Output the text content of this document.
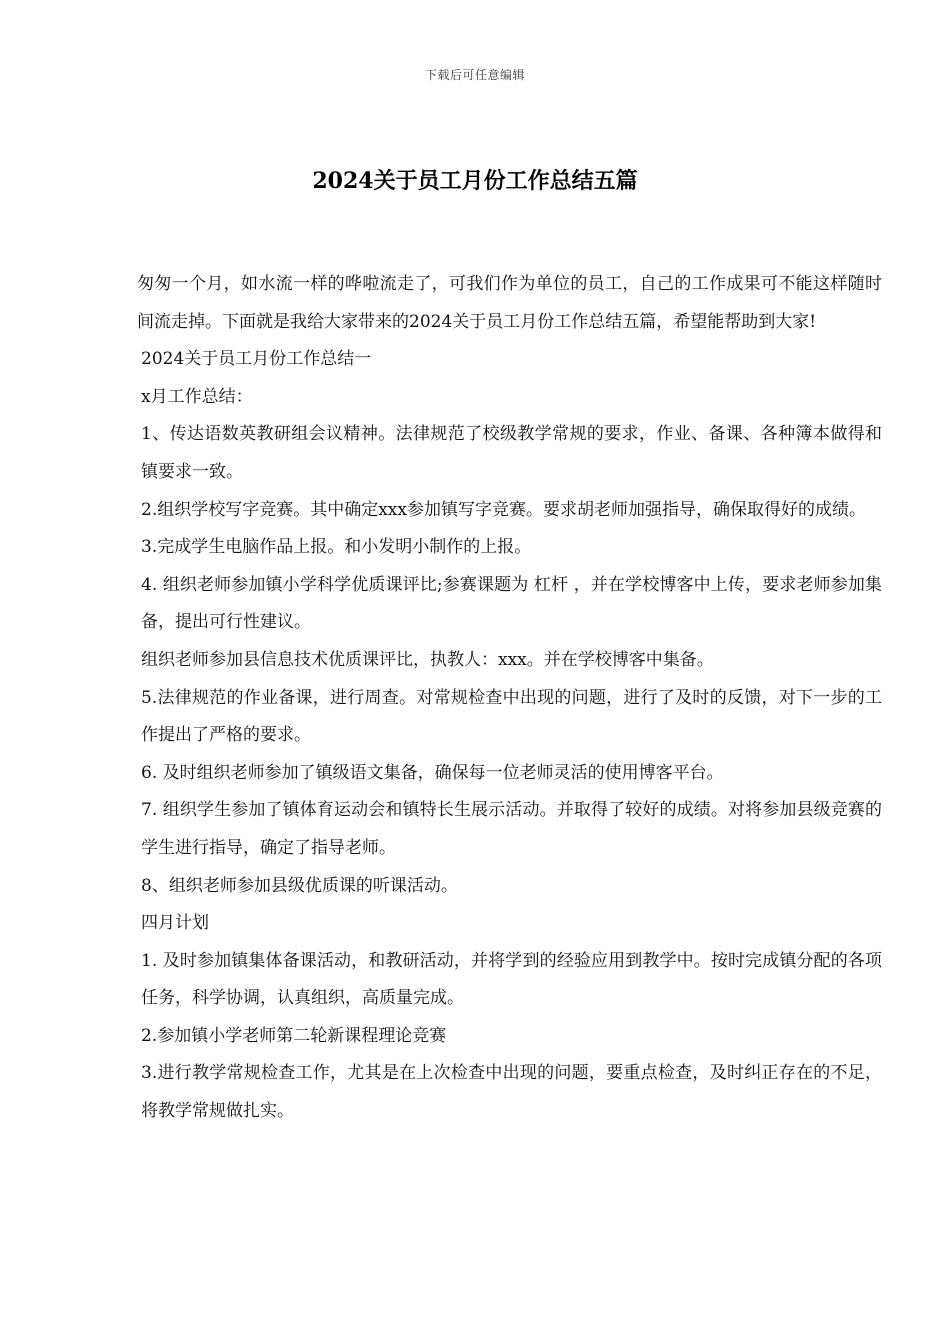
下载后可任意编辑
2024关于员工月份工作总结五篇

匆匆一个月，如水流一样的哗啦流走了，可我们作为单位的员工，自己的工作成果可不能这样随时间流走掉。下面就是我给大家带来的2024关于员工月份工作总结五篇，希望能帮助到大家!

2024关于员工月份工作总结一

x月工作总结：

1、传达语数英教研组会议精神。法律规范了校级教学常规的要求，作业、备课、各种簿本做得和镇要求一致。

2.组织学校写字竞赛。其中确定xxx参加镇写字竞赛。要求胡老师加强指导，确保取得好的成绩。

3.完成学生电脑作品上报。和小发明小制作的上报。

4. 组织老师参加镇小学科学优质课评比;参赛课题为 杠杆 ，并在学校博客中上传，要求老师参加集备，提出可行性建议。

组织老师参加县信息技术优质课评比，执教人：xxx。并在学校博客中集备。

5.法律规范的作业备课，进行周查。对常规检查中出现的问题，进行了及时的反馈，对下一步的工作提出了严格的要求。

6. 及时组织老师参加了镇级语文集备，确保每一位老师灵活的使用博客平台。

7. 组织学生参加了镇体育运动会和镇特长生展示活动。并取得了较好的成绩。对将参加县级竞赛的学生进行指导，确定了指导老师。

8、组织老师参加县级优质课的听课活动。

四月计划

1. 及时参加镇集体备课活动，和教研活动，并将学到的经验应用到教学中。按时完成镇分配的各项任务，科学协调，认真组织，高质量完成。

2.参加镇小学老师第二轮新课程理论竞赛

3.进行教学常规检查工作，尤其是在上次检查中出现的问题，要重点检查，及时纠正存在的不足，将教学常规做扎实。
